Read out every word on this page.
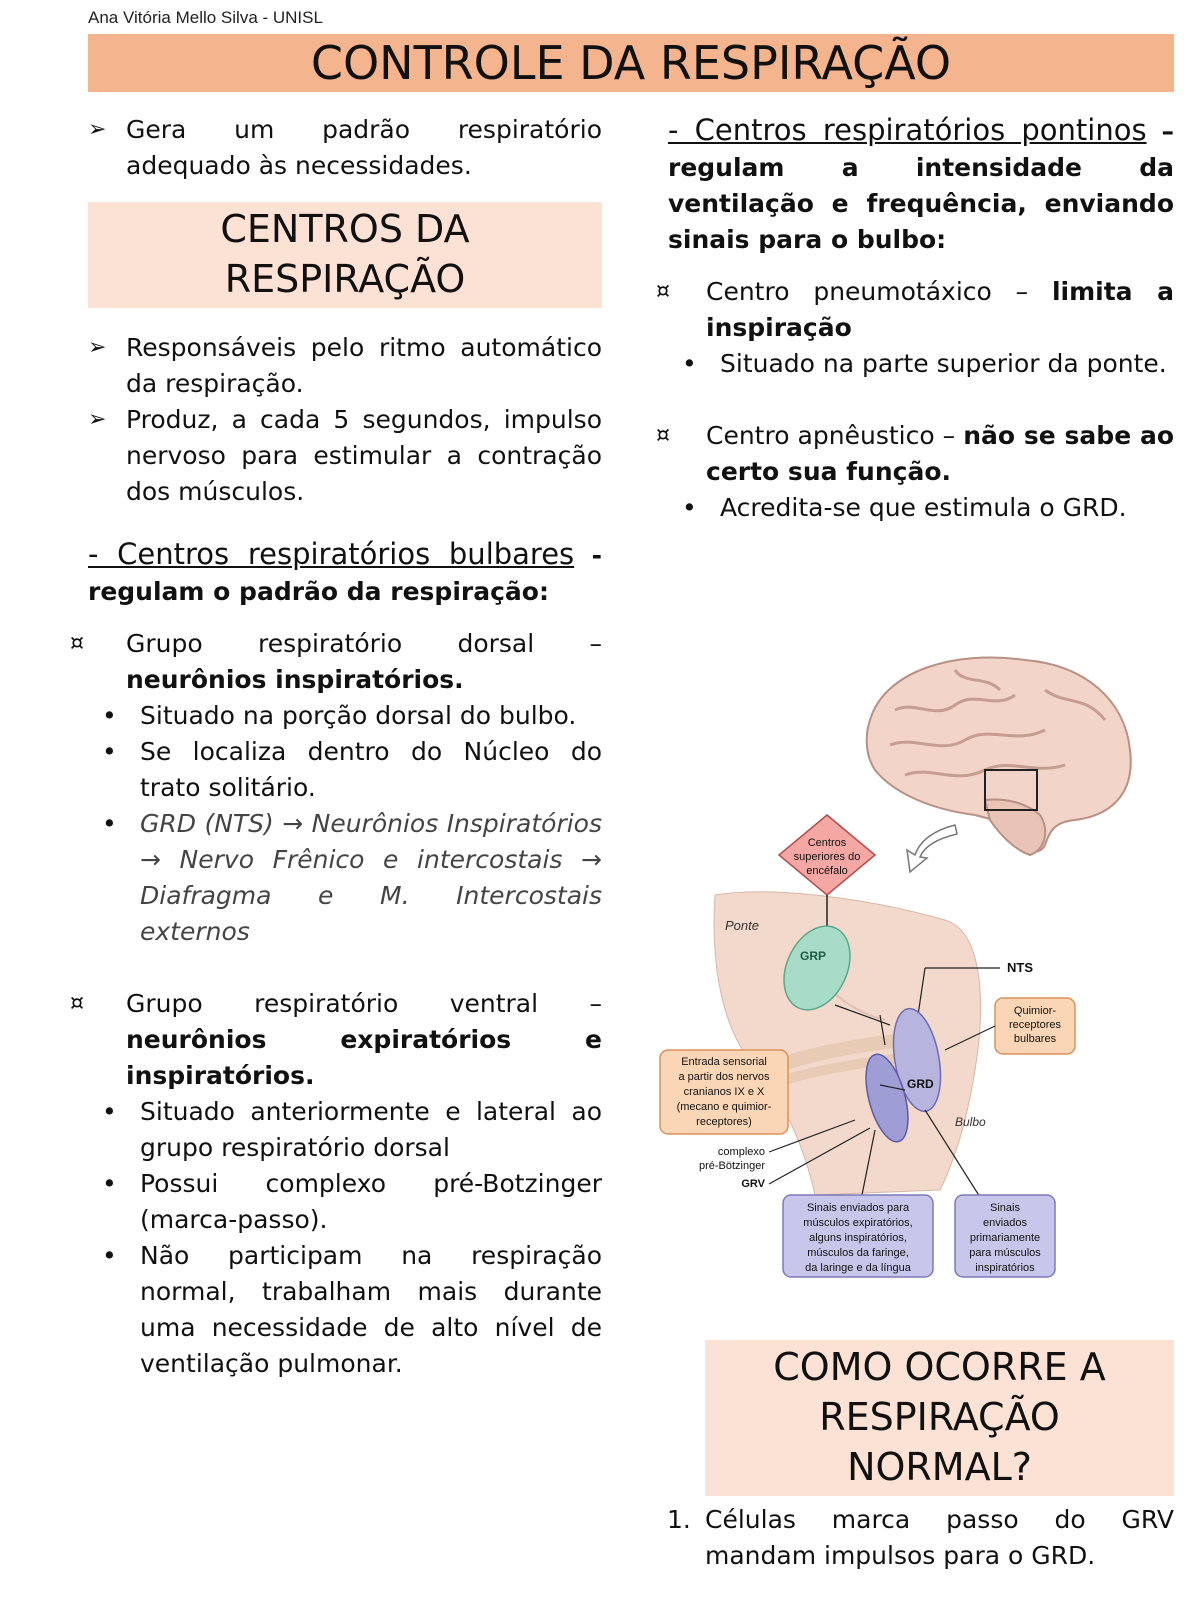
Ana Vitória Mello Silva - UNISL
CONTROLE DA RESPIRAÇÃO

➢ Gera um padrão respiratório adequado às necessidades.

CENTROS DA
RESPIRAÇÃO

➢ Responsáveis pelo ritmo automático da respiração.

➢ Produz, a cada 5 segundos, impulso nervoso para estimular a contração dos músculos.

- Centros respiratórios bulbares - regulam o padrão da respiração:

¤ Grupo respiratório dorsal – neurônios inspiratórios.

• Situado na porção dorsal do bulbo.

• Se localiza dentro do Núcleo do trato solitário.

• GRD (NTS) → Neurônios Inspiratórios → Nervo Frênico e intercostais → Diafragma e M. Intercostais externos

¤ Grupo respiratório ventral – neurônios expiratórios e inspiratórios.

• Situado anteriormente e lateral ao grupo respiratório dorsal

• Possui complexo pré-Botzinger (marca-passo).

• Não participam na respiração normal, trabalham mais durante uma necessidade de alto nível de ventilação pulmonar.

- Centros respiratórios pontinos – regulam a intensidade da ventilação e frequência, enviando sinais para o bulbo:

¤ Centro pneumotáxico – limita a inspiração

• Situado na parte superior da ponte.

¤ Centro apnêustico – não se sabe ao certo sua função.

• Acredita-se que estimula o GRD.

Centros
superiores do
encéfalo
Ponte
GRP
NTS
Quimior-
receptores
bulbares
GRD
Bulbo
Entrada sensorial
a partir dos nervos
cranianos IX e X
(mecano e quimior-
receptores)
complexo
pré-Bötzinger
GRV
Sinais enviados para
músculos expiratórios,
alguns inspiratórios,
músculos da faringe,
da laringe e da língua
Sinais
enviados
primariamente
para músculos
inspiratórios
COMO OCORRE A
RESPIRAÇÃO
NORMAL?

1. Células marca passo do GRV mandam impulsos para o GRD.
